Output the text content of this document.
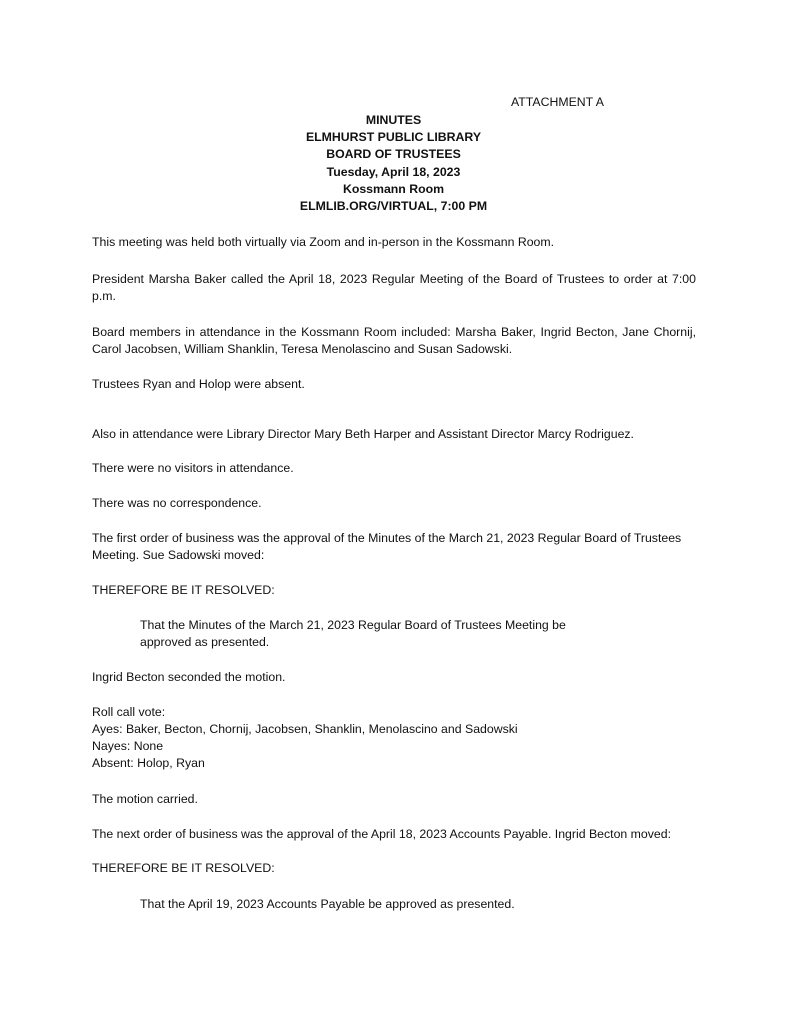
ATTACHMENT A
MINUTES
ELMHURST PUBLIC LIBRARY
BOARD OF TRUSTEES
Tuesday, April 18, 2023
Kossmann Room
ELMLIB.ORG/VIRTUAL, 7:00 PM

This meeting was held both virtually via Zoom and in-person in the Kossmann Room.

President Marsha Baker called the April 18, 2023 Regular Meeting of the Board of Trustees to order at 7:00 p.m.

Board members in attendance in the Kossmann Room included: Marsha Baker, Ingrid Becton, Jane Chornij, Carol Jacobsen, William Shanklin, Teresa Menolascino and Susan Sadowski.

Trustees Ryan and Holop were absent.

Also in attendance were Library Director Mary Beth Harper and Assistant Director Marcy Rodriguez.

There were no visitors in attendance.

There was no correspondence.

The first order of business was the approval of the Minutes of the March 21, 2023 Regular Board of Trustees Meeting. Sue Sadowski moved:

THEREFORE BE IT RESOLVED:

That the Minutes of the March 21, 2023 Regular Board of Trustees Meeting be approved as presented.

Ingrid Becton seconded the motion.

Roll call vote:
Ayes: Baker, Becton, Chornij, Jacobsen, Shanklin, Menolascino and Sadowski
Nayes: None
Absent: Holop, Ryan

The motion carried.

The next order of business was the approval of the April 18, 2023 Accounts Payable. Ingrid Becton moved:

THEREFORE BE IT RESOLVED:

That the April 19, 2023 Accounts Payable be approved as presented.
